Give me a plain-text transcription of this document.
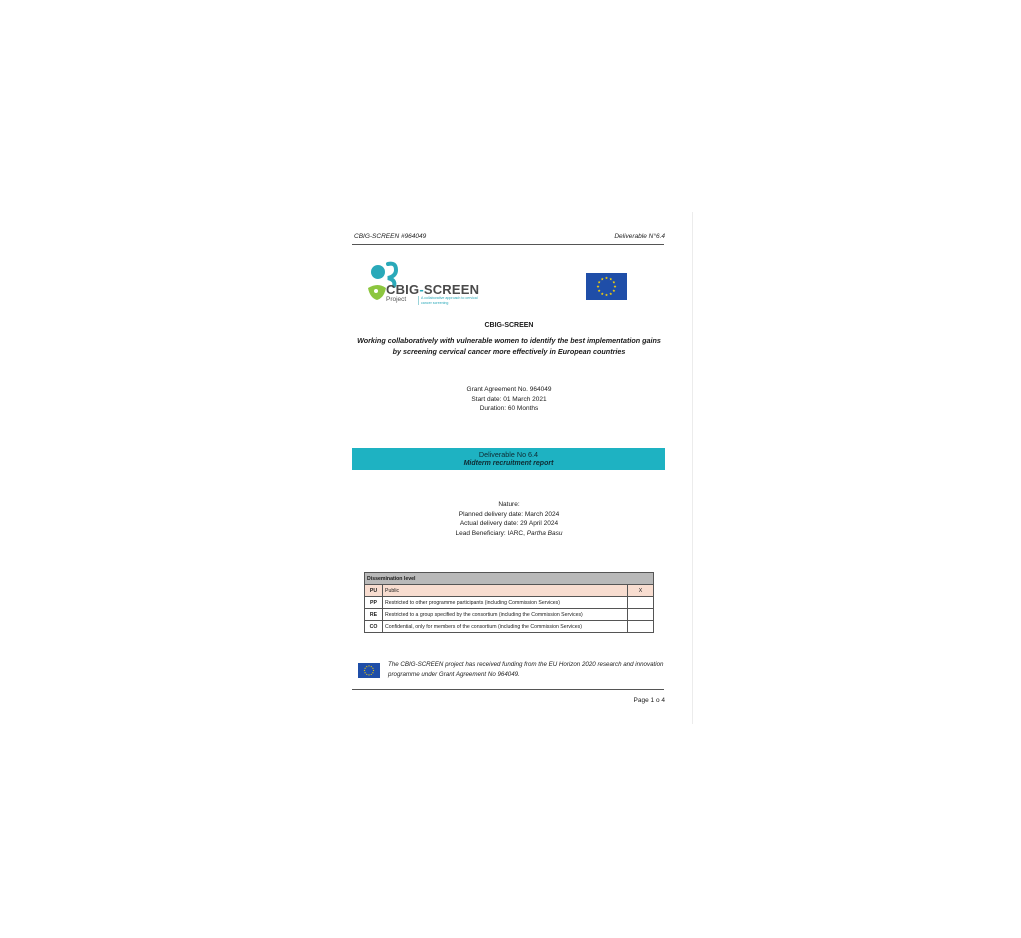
CBIG-SCREEN #964049	Deliverable N°6.4
CBIG-SCREEN
Project	A collaborative approach to cervical cancer screening
CBIG-SCREEN
Working collaboratively with vulnerable women to identify the best implementation gains by screening cervical cancer more effectively in European countries
Grant Agreement No. 964049
Start date: 01 March 2021
Duration: 60 Months
Deliverable No 6.4
Midterm recruitment report
Nature:
Planned delivery date: March 2024
Actual delivery date: 29 April 2024
Lead Beneficiary: IARC, Partha Basu
Dissemination level		
PU	Public	X
PP	Restricted to other programme participants (including Commission Services)	
RE	Restricted to a group specified by the consortium (including the Commission Services)	
CO	Confidential, only for members of the consortium (including the Commission Services)	
The CBIG-SCREEN project has received funding from the EU Horizon 2020 research and innovation programme under Grant Agreement No 964049.
Page 1 o 4
